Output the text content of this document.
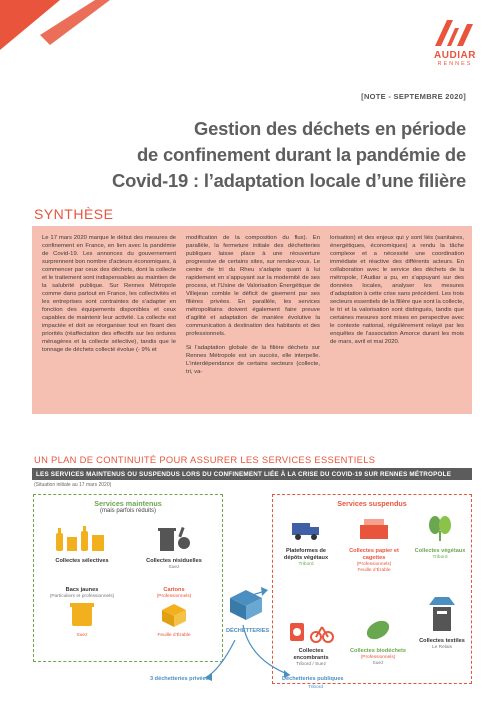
AUDIAR
RENNES
[NOTE - SEPTEMBRE 2020]
Gestion des déchets en période
de confinement durant la pandémie de
Covid-19 : l’adaptation locale d’une filière
SYNTHÈSE

Le 17 mars 2020 marque le début des mesures de confinement en France, en lien avec la pandémie de Covid-19. Les annonces du gouvernement surprennent bon nombre d’acteurs économiques, à commencer par ceux des déchets, dont la collecte et le traitement sont indispensables au maintien de la salubrité publique. Sur Rennes Métropole comme dans partout en France, les collectivités et les entreprises sont contraintes de s’adapter en fonction des équipements disponibles et ceux capables de maintenir leur activité. La collecte est impactée et doit se réorganiser tout en fixant des priorités (réaffectation des effectifs sur les ordures ménagères et la collecte sélective), tandis que le tonnage de déchets collecté évolue (- 9% et

modification de la composition du flux). En parallèle, la fermeture initiale des déchetteries publiques laisse place à une réouverture progressive de certains sites, sur rendez-vous. Le centre de tri du Rheu s’adapte quant à lui rapidement en s’appuyant sur la modernité de ses process, et l’Usine de Valorisation Énergétique de Villejean comble le déficit de gisement par ses filières privées. En parallèle, les services métropolitains doivent également faire preuve d’agilité et adaptation de manière évolutive la communication à destination des habitants et des professionnels.

Si l’adaptation globale de la filière déchets sur Rennes Métropole est un succès, elle interpelle. L’interdépendance de certains secteurs (collecte, tri, va-

lorisation) et des enjeux qui y sont liés (sanitaires, énergétiques, économiques) a rendu la tâche complexe et a nécessité une coordination immédiate et réactive des différents acteurs. En collaboration avec le service des déchets de la métropole, l’Audiar a pu, en s’appuyant sur des données locales, analyser les mesures d’adaptation à cette crise sans précédent. Les trois secteurs essentiels de la filière que sont la collecte, le tri et la valorisation sont distingués, tandis que certaines mesures sont mises en perspective avec le contexte national, régulièrement relayé par les enquêtes de l’association Amorce durant les mois de mars, avril et mai 2020.

UN PLAN DE CONTINUITÉ POUR ASSURER LES SERVICES ESSENTIELS
LES SERVICES MAINTENUS OU SUSPENDUS LORS DU CONFINEMENT LIÉE À LA CRISE DU COVID-19 SUR RENNES MÉTROPOLE
(Situation initiale au 17 mars 2020)
Services maintenus
(mais parfois réduits)
Collectes sélectives	Collectes résiduelles
Suez
Bacs jaunes
(Particuliers et professionnels)
Suez
Cartons
(Professionnels)
Feuille d’Érable
Services suspendus
Plateformes de dépôts végétaux
Tribord
Collectes papier et cagettes
(Professionnels)
Feuille d’Érable
Collectes végétaux
Tribord
Collectes encombrants
Tribord / Suez
Collectes biodéchets
(Professionnels)
Suez
Collectes textiles
Le Relais
DÉCHETTERIES
3 déchetteries privées	Déchetteries publiques
Tribord
